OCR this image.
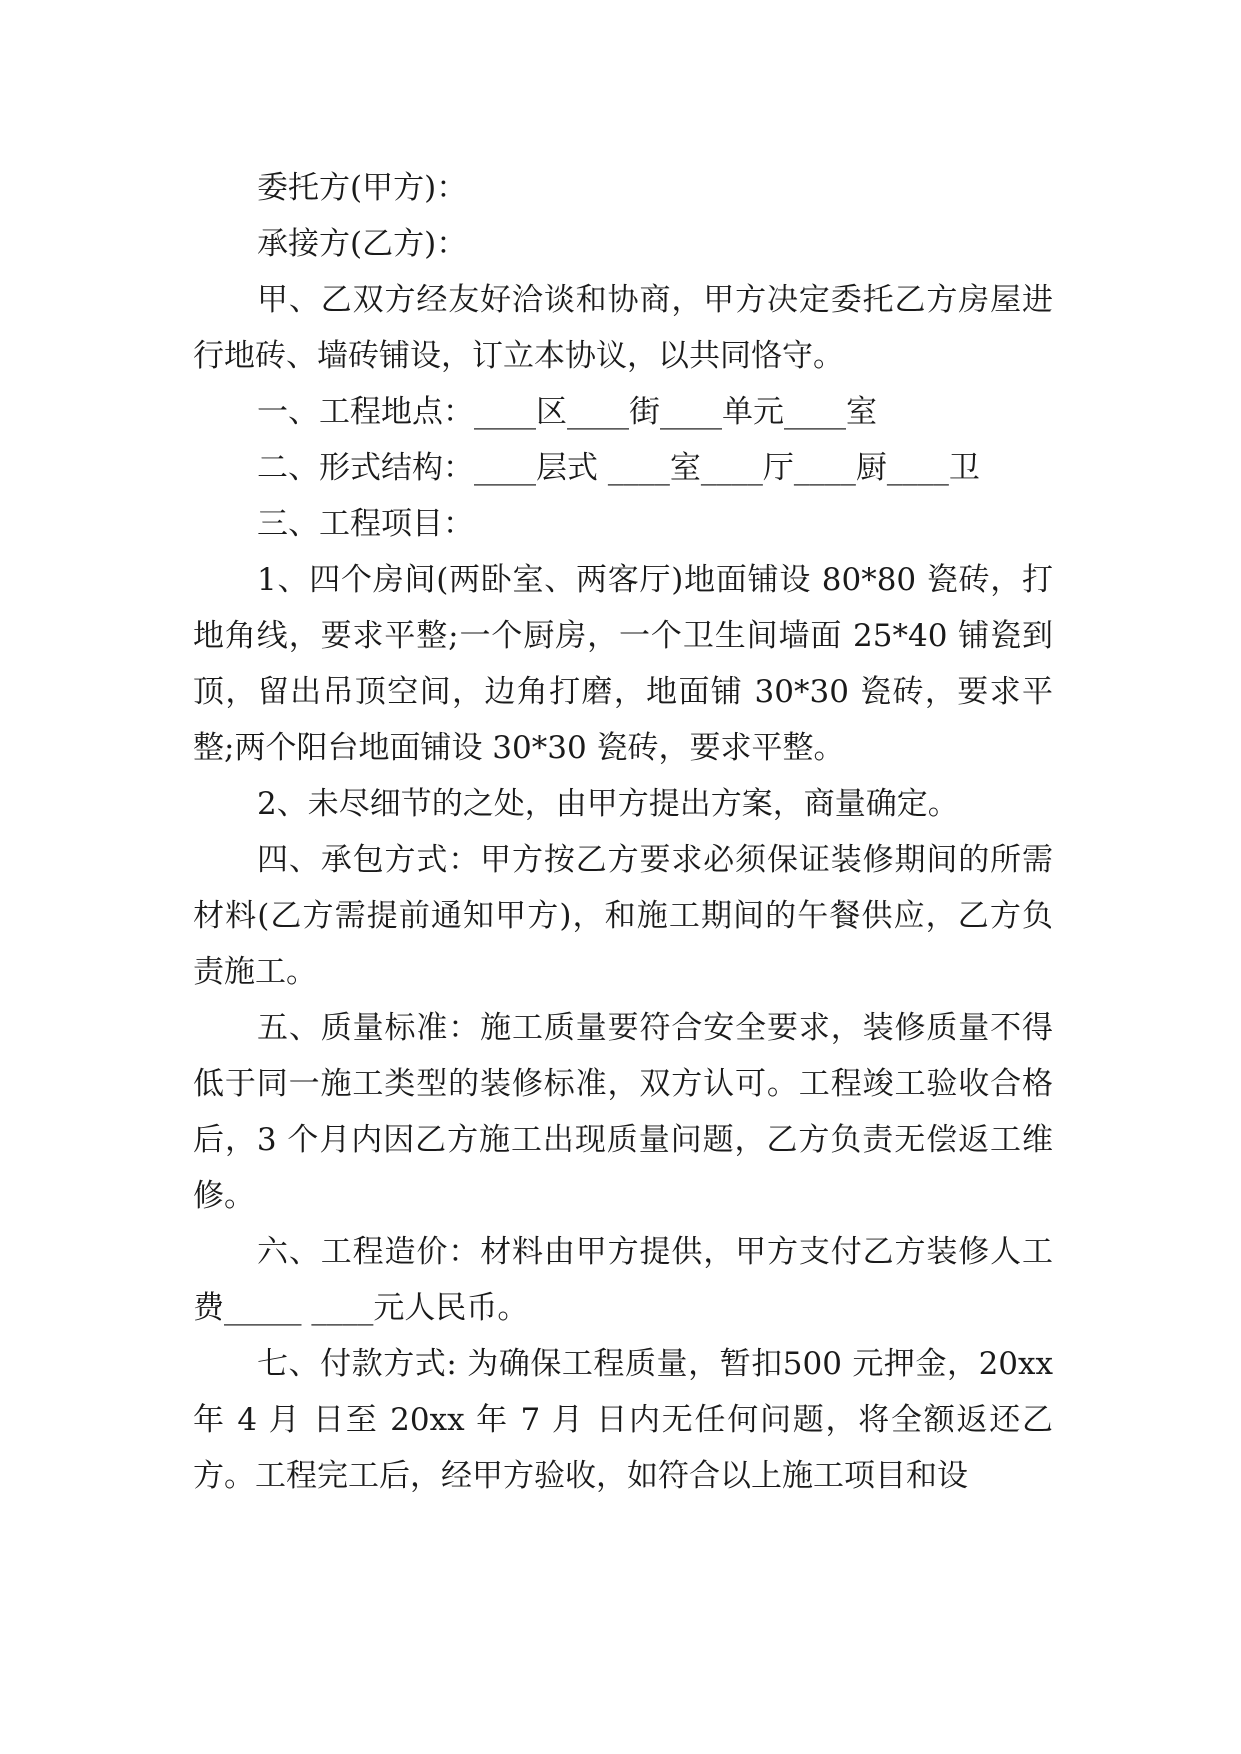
委托方(甲方)：

承接方(乙方)：

甲、乙双方经友好洽谈和协商，甲方决定委托乙方房屋进行地砖、墙砖铺设，订立本协议，以共同恪守。

一、工程地点：____区____街____单元____室

二、形式结构：____层式 ____室____厅____厨____卫

三、工程项目：

1、四个房间(两卧室、两客厅)地面铺设 80*80 瓷砖，打地角线，要求平整;一个厨房，一个卫生间墙面 25*40 铺瓷到顶，留出吊顶空间，边角打磨，地面铺 30*30 瓷砖，要求平整;两个阳台地面铺设 30*30 瓷砖，要求平整。

2、未尽细节的之处，由甲方提出方案，商量确定。

四、承包方式：甲方按乙方要求必须保证装修期间的所需材料(乙方需提前通知甲方)，和施工期间的午餐供应，乙方负责施工。

五、质量标准：施工质量要符合安全要求，装修质量不得低于同一施工类型的装修标准，双方认可。工程竣工验收合格后，3 个月内因乙方施工出现质量问题，乙方负责无偿返工维修。

六、工程造价：材料由甲方提供，甲方支付乙方装修人工费_____ ____元人民币。

七、付款方式: 为确保工程质量，暂扣500 元押金，20xx 年 4 月 日至 20xx 年 7 月 日内无任何问题，将全额返还乙方。工程完工后，经甲方验收，如符合以上施工项目和设
